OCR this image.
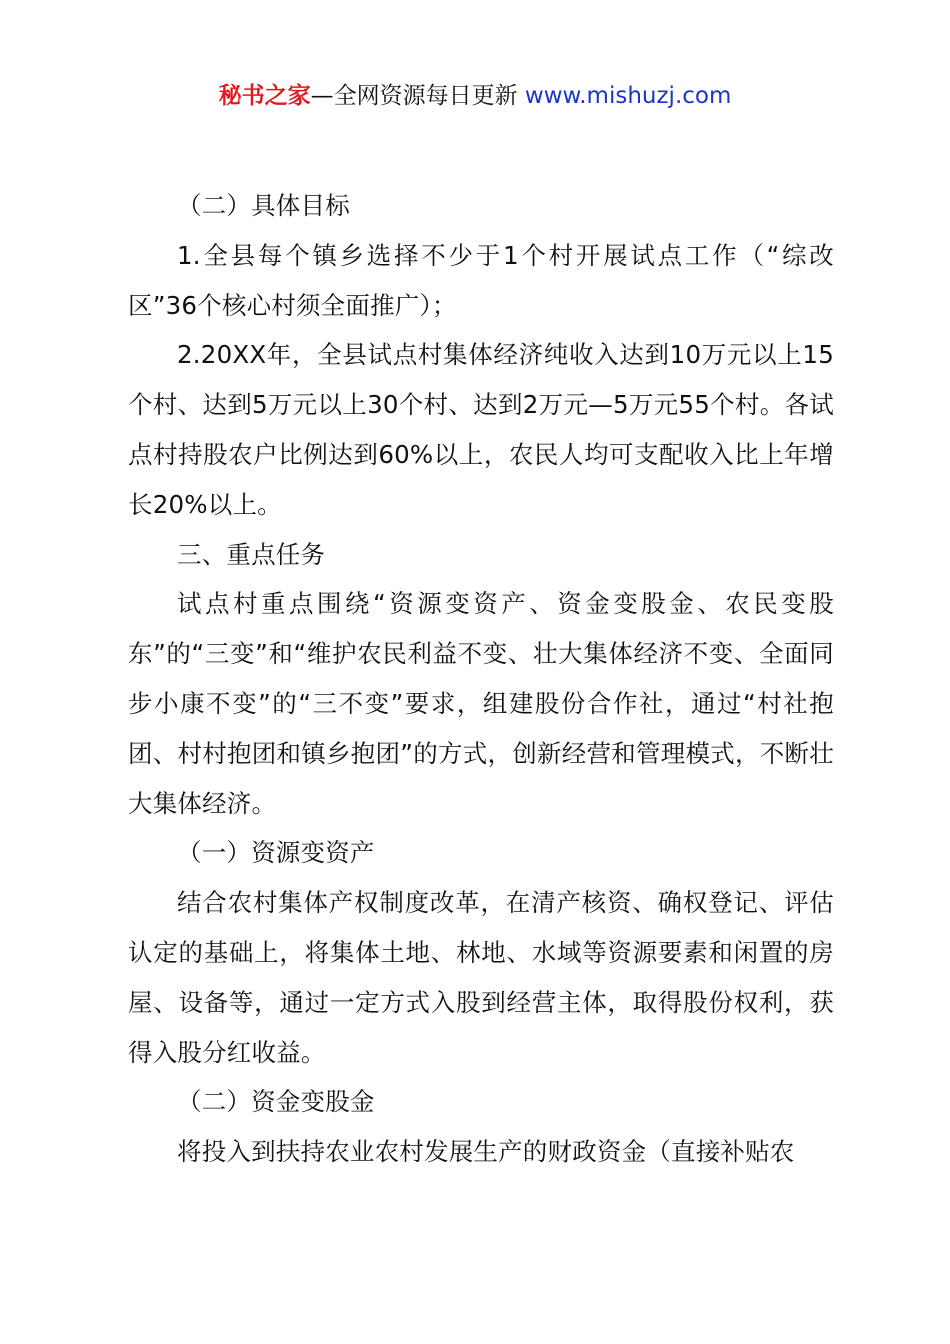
秘书之家—全网资源每日更新 www.mishuzj.com

（二）具体目标

1.全县每个镇乡选择不少于1个村开展试点工作（“综改区”36个核心村须全面推广）；

2.20XX年，全县试点村集体经济纯收入达到10万元以上15个村、达到5万元以上30个村、达到2万元—5万元55个村。各试点村持股农户比例达到60%以上，农民人均可支配收入比上年增长20%以上。

三、重点任务

试点村重点围绕“资源变资产、资金变股金、农民变股东”的“三变”和“维护农民利益不变、壮大集体经济不变、全面同步小康不变”的“三不变”要求，组建股份合作社，通过“村社抱团、村村抱团和镇乡抱团”的方式，创新经营和管理模式，不断壮大集体经济。

（一）资源变资产

结合农村集体产权制度改革，在清产核资、确权登记、评估认定的基础上，将集体土地、林地、水域等资源要素和闲置的房屋、设备等，通过一定方式入股到经营主体，取得股份权利，获得入股分红收益。

（二）资金变股金

将投入到扶持农业农村发展生产的财政资金（直接补贴农
